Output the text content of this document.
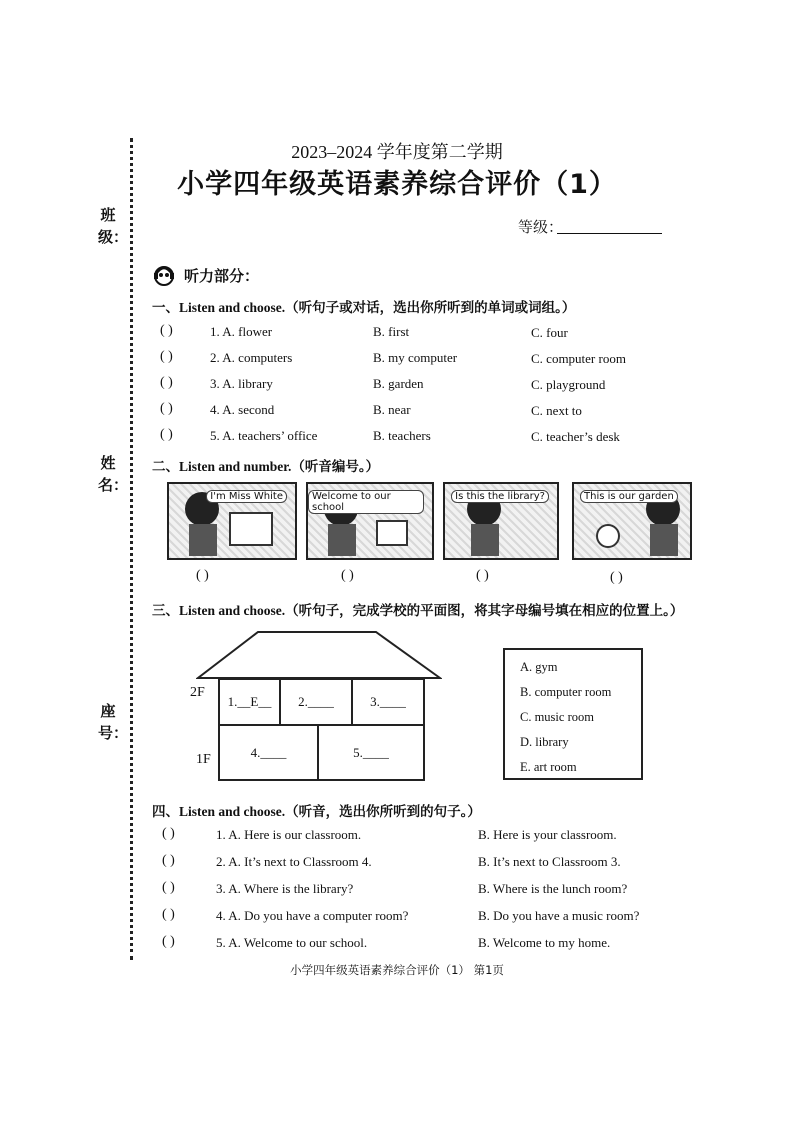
班级：
姓名：
座号：
2023–2024 学年度第二学期
小学四年级英语素养综合评价（1）
等级：
听力部分：
一、Listen and choose.（听句子或对话，选出你所听到的单词或词组。）
( )	1. A. flower	B. first	C. four
( )	2. A. computers	B. my computer	C. computer room
( )	3. A. library	B. garden	C. playground
( )	4. A. second	B. near	C. next to
( )	5. A. teachers’ office	B. teachers	C. teacher’s desk
二、Listen and number.（听音编号。）
I'm Miss White	Welcome to our school
Is this the library?	This is our garden
( )	( )	( )	( )
三、Listen and choose.（听句子，完成学校的平面图，将其字母编号填在相应的位置上。）
2F
1F
1.__E__ 2.____	3.____
4.____	5.____
A. gym
B. computer room
C. music room
D. library
E. art room
四、Listen and choose.（听音，选出你所听到的句子。）
( )	1. A. Here is our classroom.	B. Here is your classroom.
( )	2. A. It’s next to Classroom 4.	B. It’s next to Classroom 3.
( )	3. A. Where is the library?	B. Where is the lunch room?
( )	4. A. Do you have a computer room?	B. Do you have a music room?
( )	5. A. Welcome to our school.	B. Welcome to my home.
小学四年级英语素养综合评价（1） 第1页
